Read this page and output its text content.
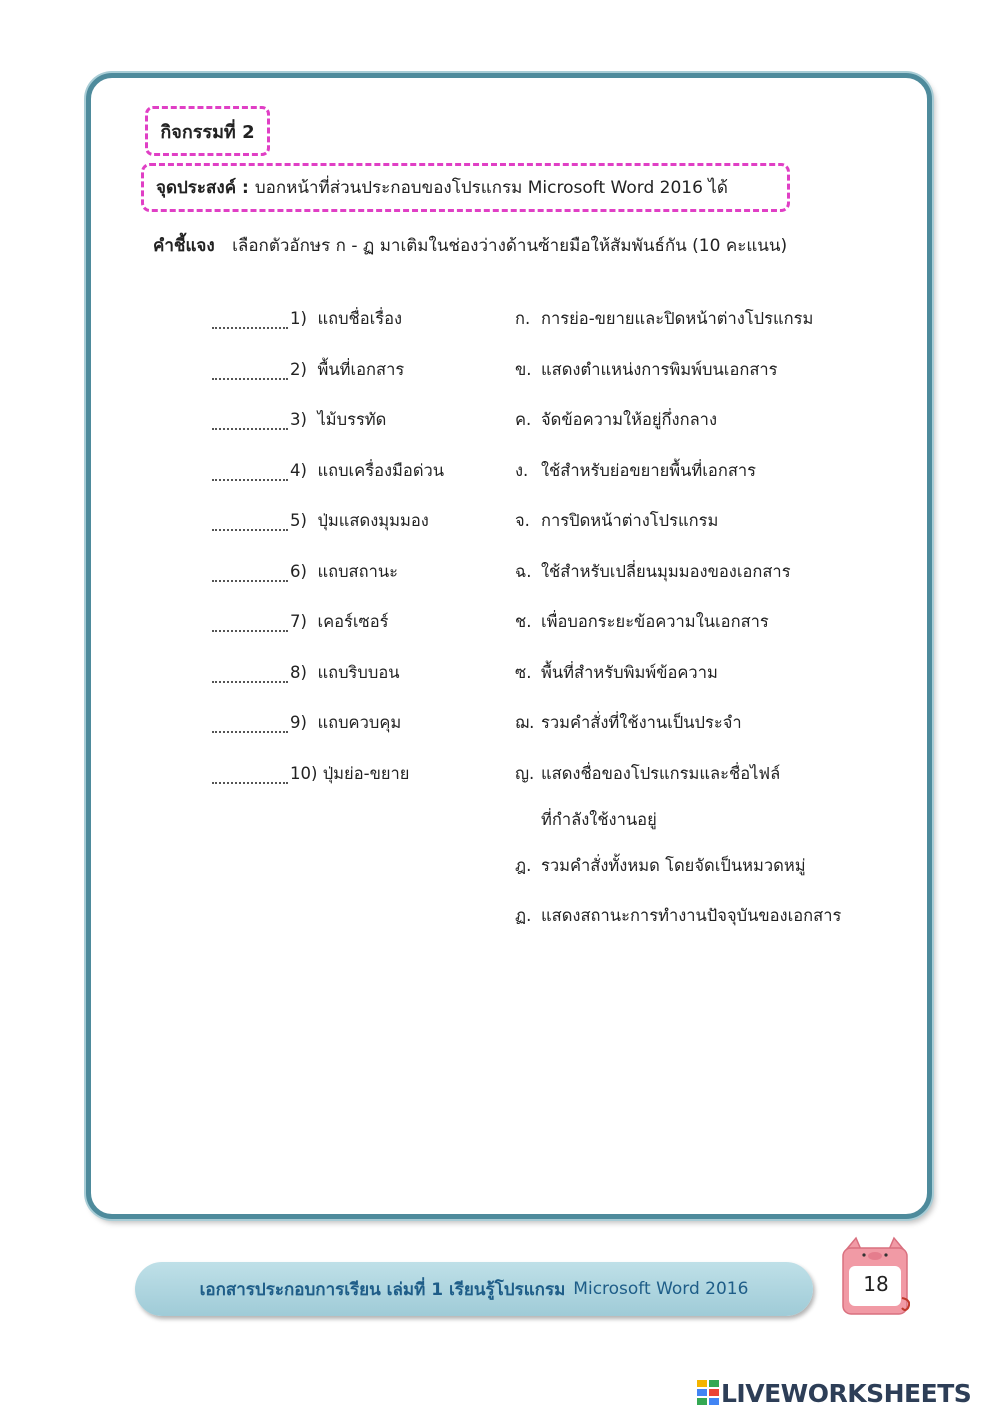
กิจกรรมที่ 2
จุดประสงค์ : บอกหน้าที่ส่วนประกอบของโปรแกรม Microsoft Word 2016 ได้
คำชี้แจง เลือกตัวอักษร ก - ฏ มาเติมในช่องว่างด้านซ้ายมือให้สัมพันธ์กัน (10 คะแนน)
1)
แถบชื่อเรื่อง
2)
พื้นที่เอกสาร
3)
ไม้บรรทัด
4)
แถบเครื่องมือด่วน
5)
ปุ่มแสดงมุมมอง
6)
แถบสถานะ
7)
เคอร์เซอร์
8)
แถบริบบอน
9)
แถบควบคุม
10)
ปุ่มย่อ-ขยาย
ก. การย่อ-ขยายและปิดหน้าต่างโปรแกรม
ข. แสดงตำแหน่งการพิมพ์บนเอกสาร
ค. จัดข้อความให้อยู่กึ่งกลาง
ง. ใช้สำหรับย่อขยายพื้นที่เอกสาร
จ. การปิดหน้าต่างโปรแกรม
ฉ. ใช้สำหรับเปลี่ยนมุมมองของเอกสาร
ช. เพื่อบอกระยะข้อความในเอกสาร
ซ. พื้นที่สำหรับพิมพ์ข้อความ
ฌ. รวมคำสั่งที่ใช้งานเป็นประจำ
ญ. แสดงชื่อของโปรแกรมและชื่อไฟล์
ที่กำลังใช้งานอยู่
ฎ. รวมคำสั่งทั้งหมด โดยจัดเป็นหมวดหมู่
ฏ. แสดงสถานะการทำงานปัจจุบันของเอกสาร
เอกสารประกอบการเรียน เล่มที่ 1 เรียนรู้โปรแกรม Microsoft Word 2016	18
LIVEWORKSHEETS
